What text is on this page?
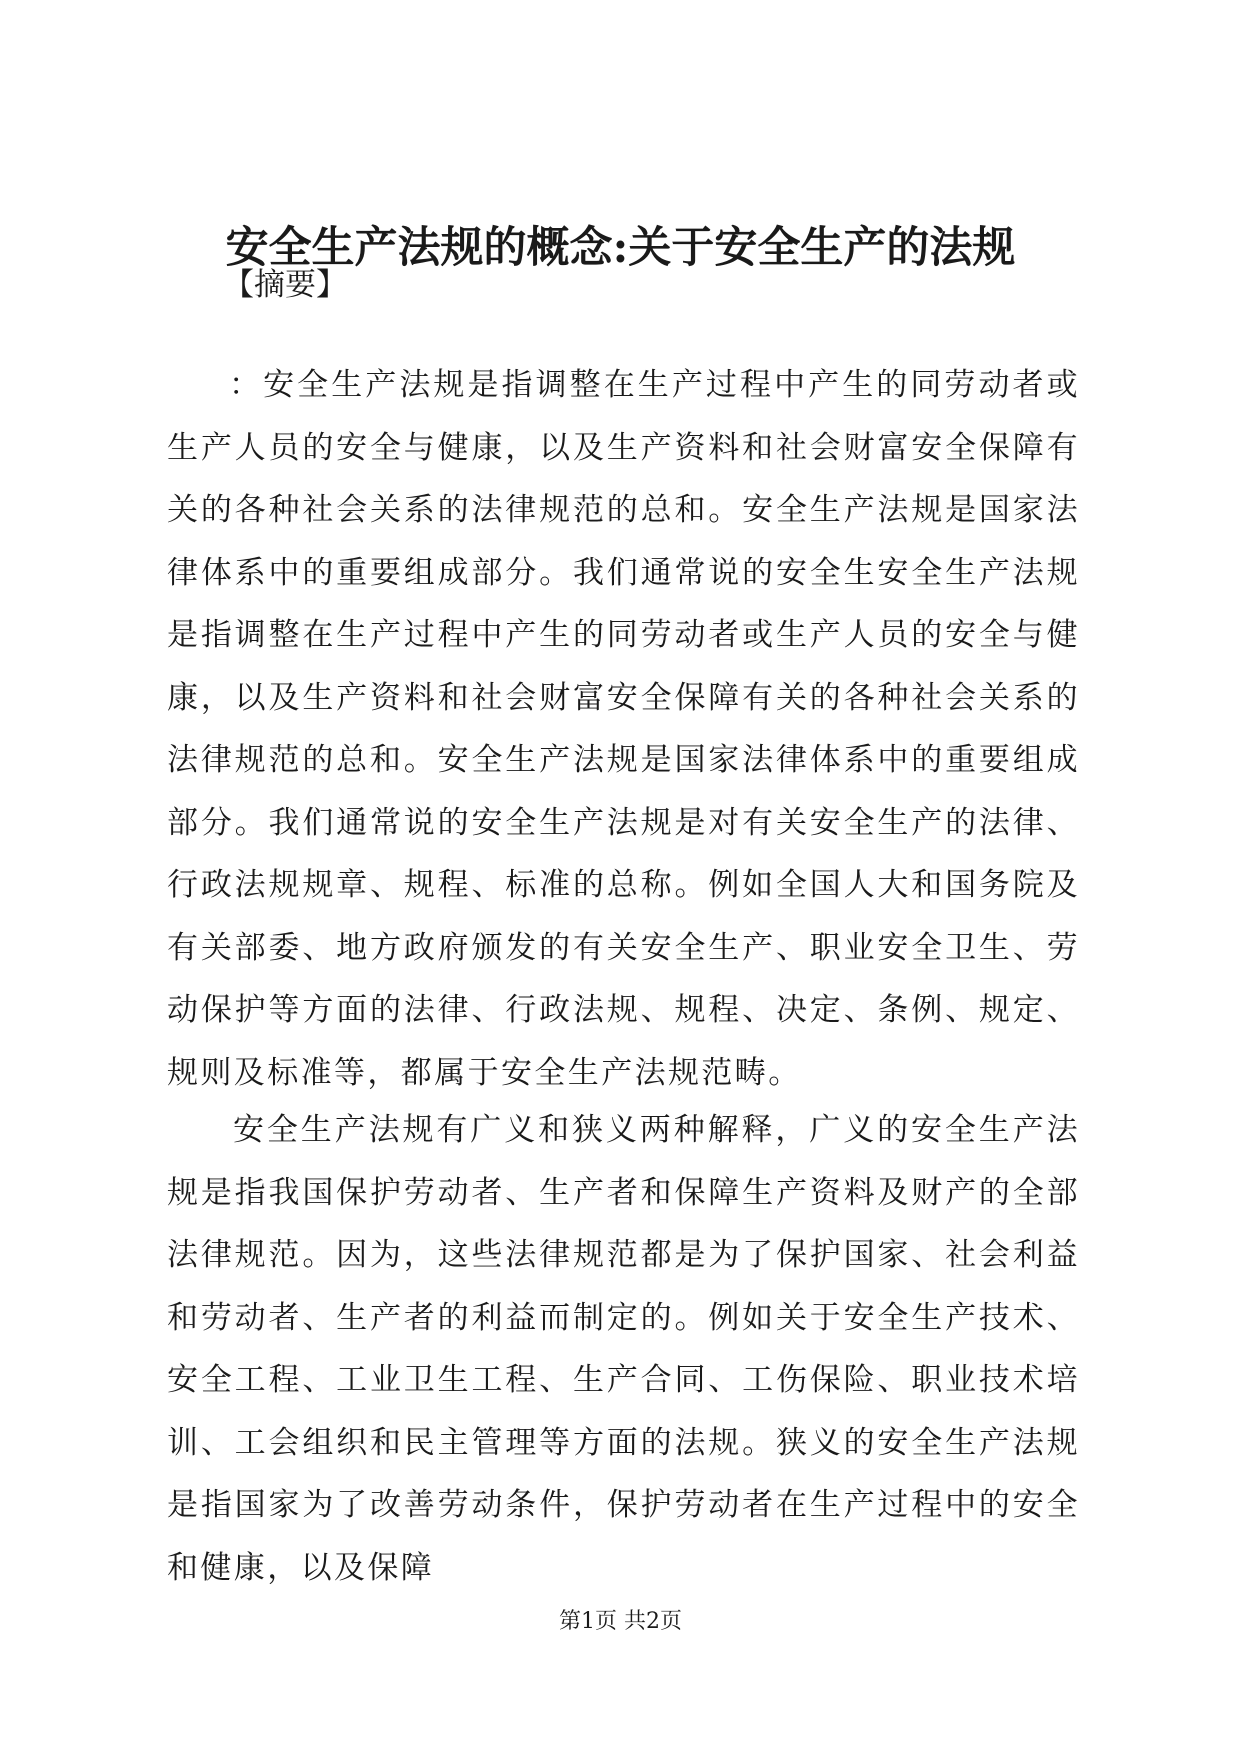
安全生产法规的概念:关于安全生产的法规

【摘要】

：安全生产法规是指调整在生产过程中产生的同劳动者或生产人员的安全与健康，以及生产资料和社会财富安全保障有关的各种社会关系的法律规范的总和。安全生产法规是国家法律体系中的重要组成部分。我们通常说的安全生安全生产法规是指调整在生产过程中产生的同劳动者或生产人员的安全与健康，以及生产资料和社会财富安全保障有关的各种社会关系的法律规范的总和。安全生产法规是国家法律体系中的重要组成部分。我们通常说的安全生产法规是对有关安全生产的法律、行政法规规章、规程、标准的总称。例如全国人大和国务院及有关部委、地方政府颁发的有关安全生产、职业安全卫生、劳动保护等方面的法律、行政法规、规程、决定、条例、规定、规则及标准等，都属于安全生产法规范畴。

安全生产法规有广义和狭义两种解释，广义的安全生产法规是指我国保护劳动者、生产者和保障生产资料及财产的全部法律规范。因为，这些法律规范都是为了保护国家、社会利益和劳动者、生产者的利益而制定的。例如关于安全生产技术、安全工程、工业卫生工程、生产合同、工伤保险、职业技术培训、工会组织和民主管理等方面的法规。狭义的安全生产法规是指国家为了改善劳动条件，保护劳动者在生产过程中的安全和健康，以及保障

第1页 共2页
